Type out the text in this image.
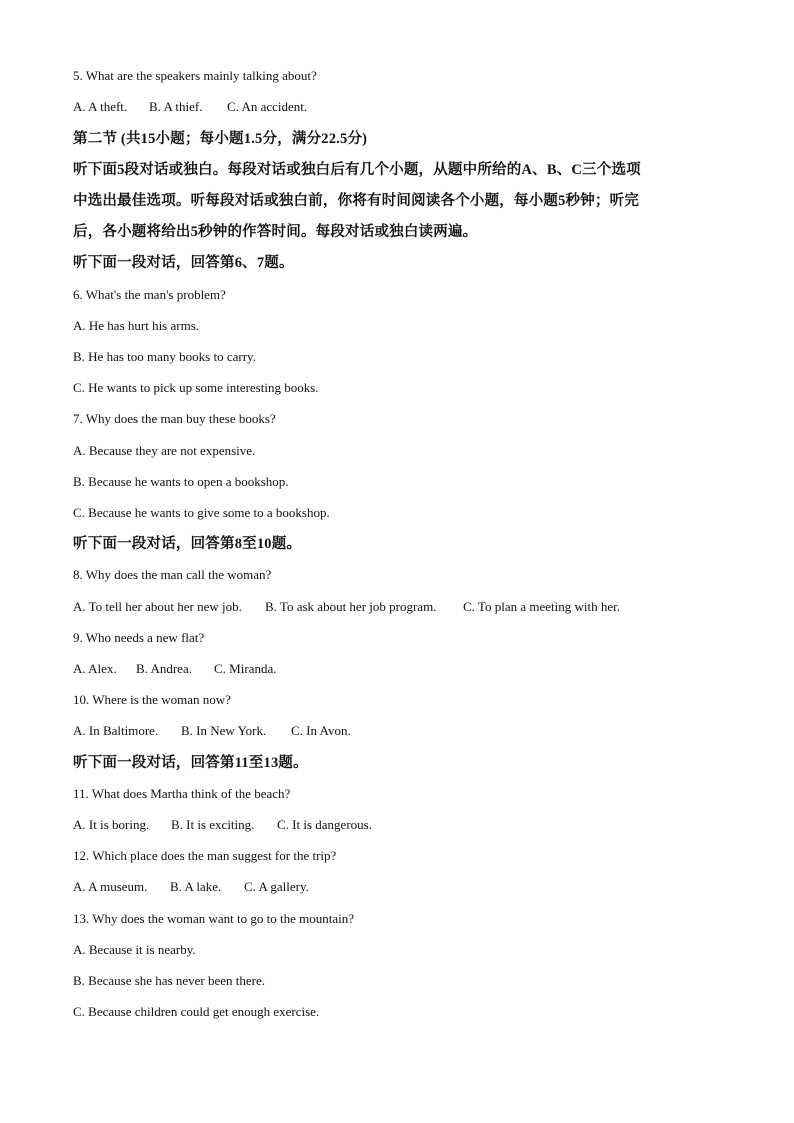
5. What are the speakers mainly talking about?
A. A theft. B. A thief. C. An accident.
第二节 (共15小题；每小题1.5分，满分22.5分)
听下面5段对话或独白。每段对话或独白后有几个小题，从题中所给的A、B、C三个选项
中选出最佳选项。听每段对话或独白前，你将有时间阅读各个小题，每小题5秒钟；听完
后，各小题将给出5秒钟的作答时间。每段对话或独白读两遍。
听下面一段对话，回答第6、7题。
6. What's the man's problem?
A. He has hurt his arms.
B. He has too many books to carry.
C. He wants to pick up some interesting books.
7. Why does the man buy these books?
A. Because they are not expensive.
B. Because he wants to open a bookshop.
C. Because he wants to give some to a bookshop.
听下面一段对话，回答第8至10题。
8. Why does the man call the woman?
A. To tell her about her new job. B. To ask about her job program. C. To plan a meeting with her.
9. Who needs a new flat?
A. Alex. B. Andrea. C. Miranda.
10. Where is the woman now?
A. In Baltimore. B. In New York. C. In Avon.
听下面一段对话，回答第11至13题。
11. What does Martha think of the beach?
A. It is boring. B. It is exciting. C. It is dangerous.
12. Which place does the man suggest for the trip?
A. A museum. B. A lake. C. A gallery.
13. Why does the woman want to go to the mountain?
A. Because it is nearby.
B. Because she has never been there.
C. Because children could get enough exercise.
